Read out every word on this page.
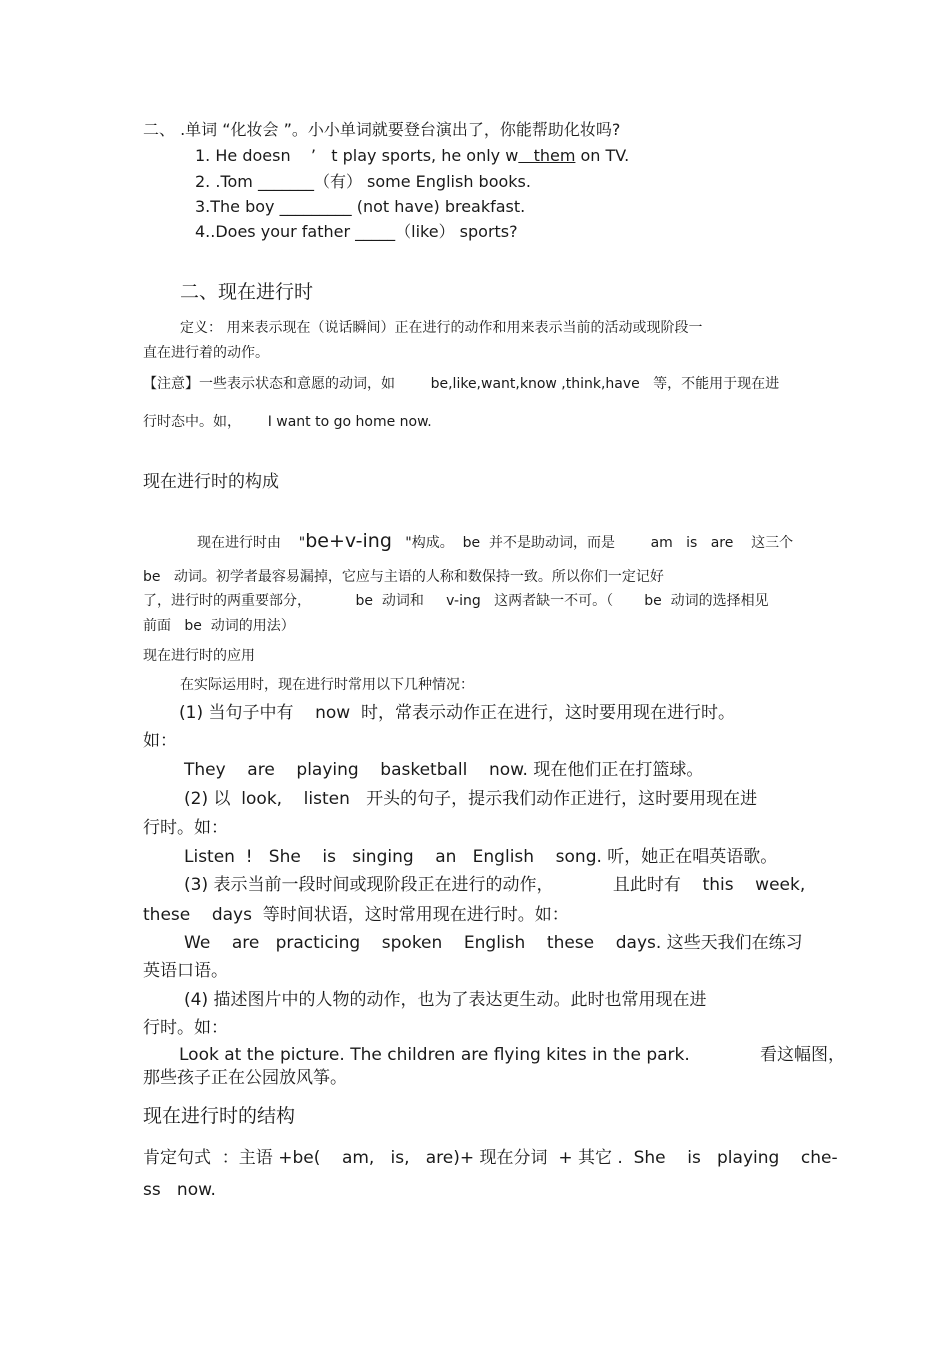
二、 .单词 “化妆会 ”。小小单词就要登台演出了，你能帮助化妆吗?
1. He doesn    ’   t play sports, he only w   them on TV.
2. .Tom _______（有） some English books.
3.The boy _________ (not have) breakfast.
4..Does your father _____（like） sports?
二、现在进行时
定义： 用来表示现在（说话瞬间）正在进行的动作和用来表示当前的活动或现阶段一
直在进行着的动作。
【注意】一些表示状态和意愿的动词，如        be,like,want,know ,think,have   等，不能用于现在进
行时态中。如，      I want to go home now.
现在进行时的构成
现在进行时由    "be+v-ing   "构成。  be  并不是助动词，而是        am   is   are    这三个
be   动词。初学者最容易漏掉，它应与主语的人称和数保持一致。所以你们一定记好
了，进行时的两重要部分，          be  动词和     v-ing   这两者缺一不可。（       be  动词的选择相见
前面   be  动词的用法）
现在进行时的应用
在实际运用时，现在进行时常用以下几种情况：
(1) 当句子中有    now  时，常表示动作正在进行，这时要用现在进行时。
如：
They    are    playing    basketball    now. 现在他们正在打篮球。
(2) 以  look,    listen   开头的句子，提示我们动作正进行，这时要用现在进
行时。如：
Listen  !   She    is   singing    an   English    song. 听，她正在唱英语歌。
(3) 表示当前一段时间或现阶段正在进行的动作，           且此时有    this    week,
these    days  等时间状语，这时常用现在进行时。如：
We    are   practicing    spoken    English    these    days. 这些天我们在练习
英语口语。
(4) 描述图片中的人物的动作，也为了表达更生动。此时也常用现在进
行时。如：
Look at the picture. The children are flying kites in the park.             看这幅图，
那些孩子正在公园放风筝。
现在进行时的结构
肯定句式  ：主语 +be(    am,   is,   are)+ 现在分词  + 其它 .  She    is   playing    che-
ss   now.
